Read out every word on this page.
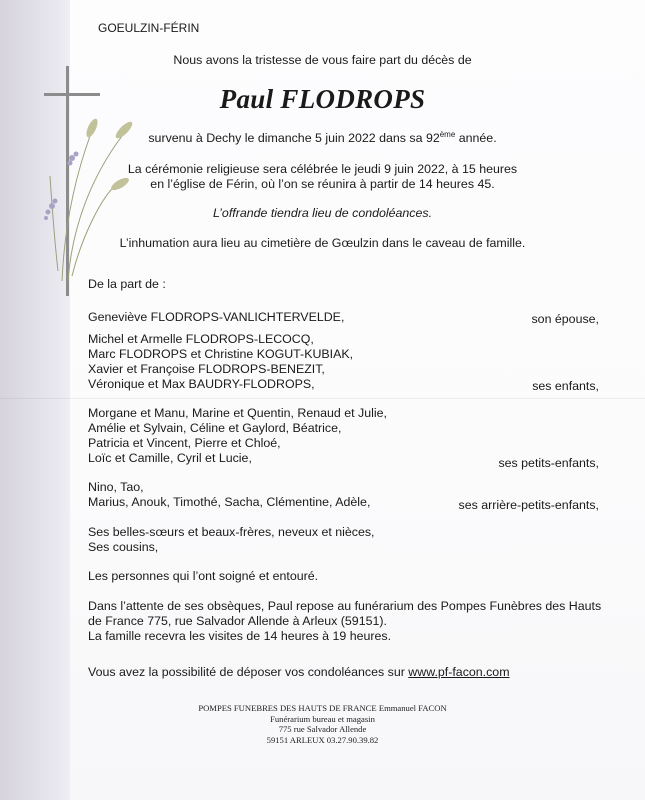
GOEULZIN-FÉRIN
Nous avons la tristesse de vous faire part du décès de
Paul FLODROPS
survenu à Dechy le dimanche 5 juin 2022 dans sa 92ème année.
La cérémonie religieuse sera célébrée le jeudi 9 juin 2022, à 15 heures
en l’église de Férin, où l’on se réunira à partir de 14 heures 45.
L’offrande tiendra lieu de condoléances.
L’inhumation aura lieu au cimetière de Gœulzin dans le caveau de famille.
De la part de :
Geneviève FLODROPS-VANLICHTERVELDE,	son épouse,
Michel et Armelle FLODROPS-LECOCQ,
Marc FLODROPS et Christine KOGUT-KUBIAK,
Xavier et Françoise FLODROPS-BENEZIT,
Véronique et Max BAUDRY-FLODROPS,	ses enfants,
Morgane et Manu, Marine et Quentin, Renaud et Julie,
Amélie et Sylvain, Céline et Gaylord, Béatrice,
Patricia et Vincent, Pierre et Chloé,
Loïc et Camille, Cyril et Lucie,	ses petits-enfants,
Nino, Tao,
Marius, Anouk, Timothé, Sacha, Clémentine, Adèle,	ses arrière-petits-enfants,
Ses belles-sœurs et beaux-frères, neveux et nièces,
Ses cousins,
Les personnes qui l’ont soigné et entouré.
Dans l’attente de ses obsèques, Paul repose au funérarium des Pompes Funèbres des Hauts
de France 775, rue Salvador Allende à Arleux (59151).
La famille recevra les visites de 14 heures à 19 heures.
Vous avez la possibilité de déposer vos condoléances sur www.pf-facon.com
POMPES FUNEBRES DES HAUTS DE FRANCE Emmanuel FACON
Funérarium bureau et magasin
775 rue Salvador Allende
59151 ARLEUX 03.27.90.39.82
